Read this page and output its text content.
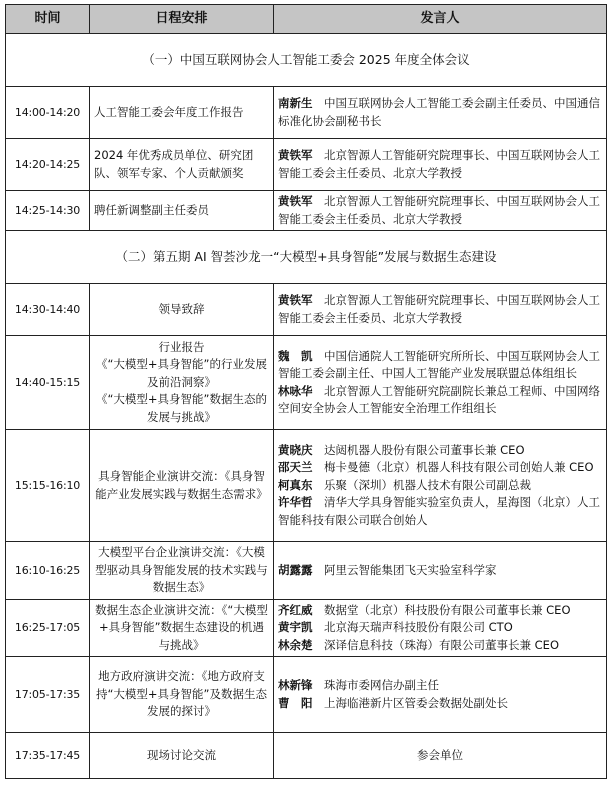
时间	日程安排	发言人
（一）中国互联网协会人工智能工委会 2025 年度全体会议		
14:00-14:20	人工智能工委会年度工作报告	南新生　 中国互联网协会人工智能工委会副主任委员、中国通信标准化协会副秘书长
14:20-14:25	2024 年优秀成员单位、研究团队、领军专家、个人贡献颁奖	黄铁军　 北京智源人工智能研究院理事长、中国互联网协会人工智能工委会主任委员、北京大学教授
14:25-14:30	聘任新调整副主任委员	黄铁军　 北京智源人工智能研究院理事长、中国互联网协会人工智能工委会主任委员、北京大学教授
（二）第五期 AI 智荟沙龙一“大模型+具身智能”发展与数据生态建设		
14:30-14:40	领导致辞	黄铁军　 北京智源人工智能研究院理事长、中国互联网协会人工智能工委会主任委员、北京大学教授
14:40-15:15	行业报告
《“大模型+具身智能”的行业发展及前沿洞察》
《“大模型+具身智能”数据生态的发展与挑战》	魏　凯　 中国信通院人工智能研究所所长、中国互联网协会人工智能工委会副主任、中国人工智能产业发展联盟总体组组长
林咏华　 北京智源人工智能研究院副院长兼总工程师、中国网络空间安全协会人工智能安全治理工作组组长

15:15-16:10	具身智能企业演讲交流：《具身智能产业发展实践与数据生态需求》	黄晓庆　 达闼机器人股份有限公司董事长兼 CEO
邵天兰　 梅卡曼德（北京）机器人科技有限公司创始人兼 CEO
柯真东　 乐聚（深圳）机器人技术有限公司副总裁
许华哲　 清华大学具身智能实验室负责人，星海图（北京）人工智能科技有限公司联合创始人

16:10-16:25	大模型平台企业演讲交流：《大模型驱动具身智能发展的技术实践与数据生态》	胡露露　 阿里云智能集团飞天实验室科学家
16:25-17:05	数据生态企业演讲交流：《“大模型+具身智能”数据生态建设的机遇与挑战》	齐红威　 数据堂（北京）科技股份有限公司董事长兼 CEO
黄宇凯　 北京海天瑞声科技股份有限公司 CTO
林余楚　 深译信息科技（珠海）有限公司董事长兼 CEO

17:05-17:35	地方政府演讲交流：《地方政府支持“大模型+具身智能”及数据生态发展的探讨》	林新锋　 珠海市委网信办副主任
曹　阳　 上海临港新片区管委会数据处副处长

17:35-17:45	现场讨论交流	参会单位
